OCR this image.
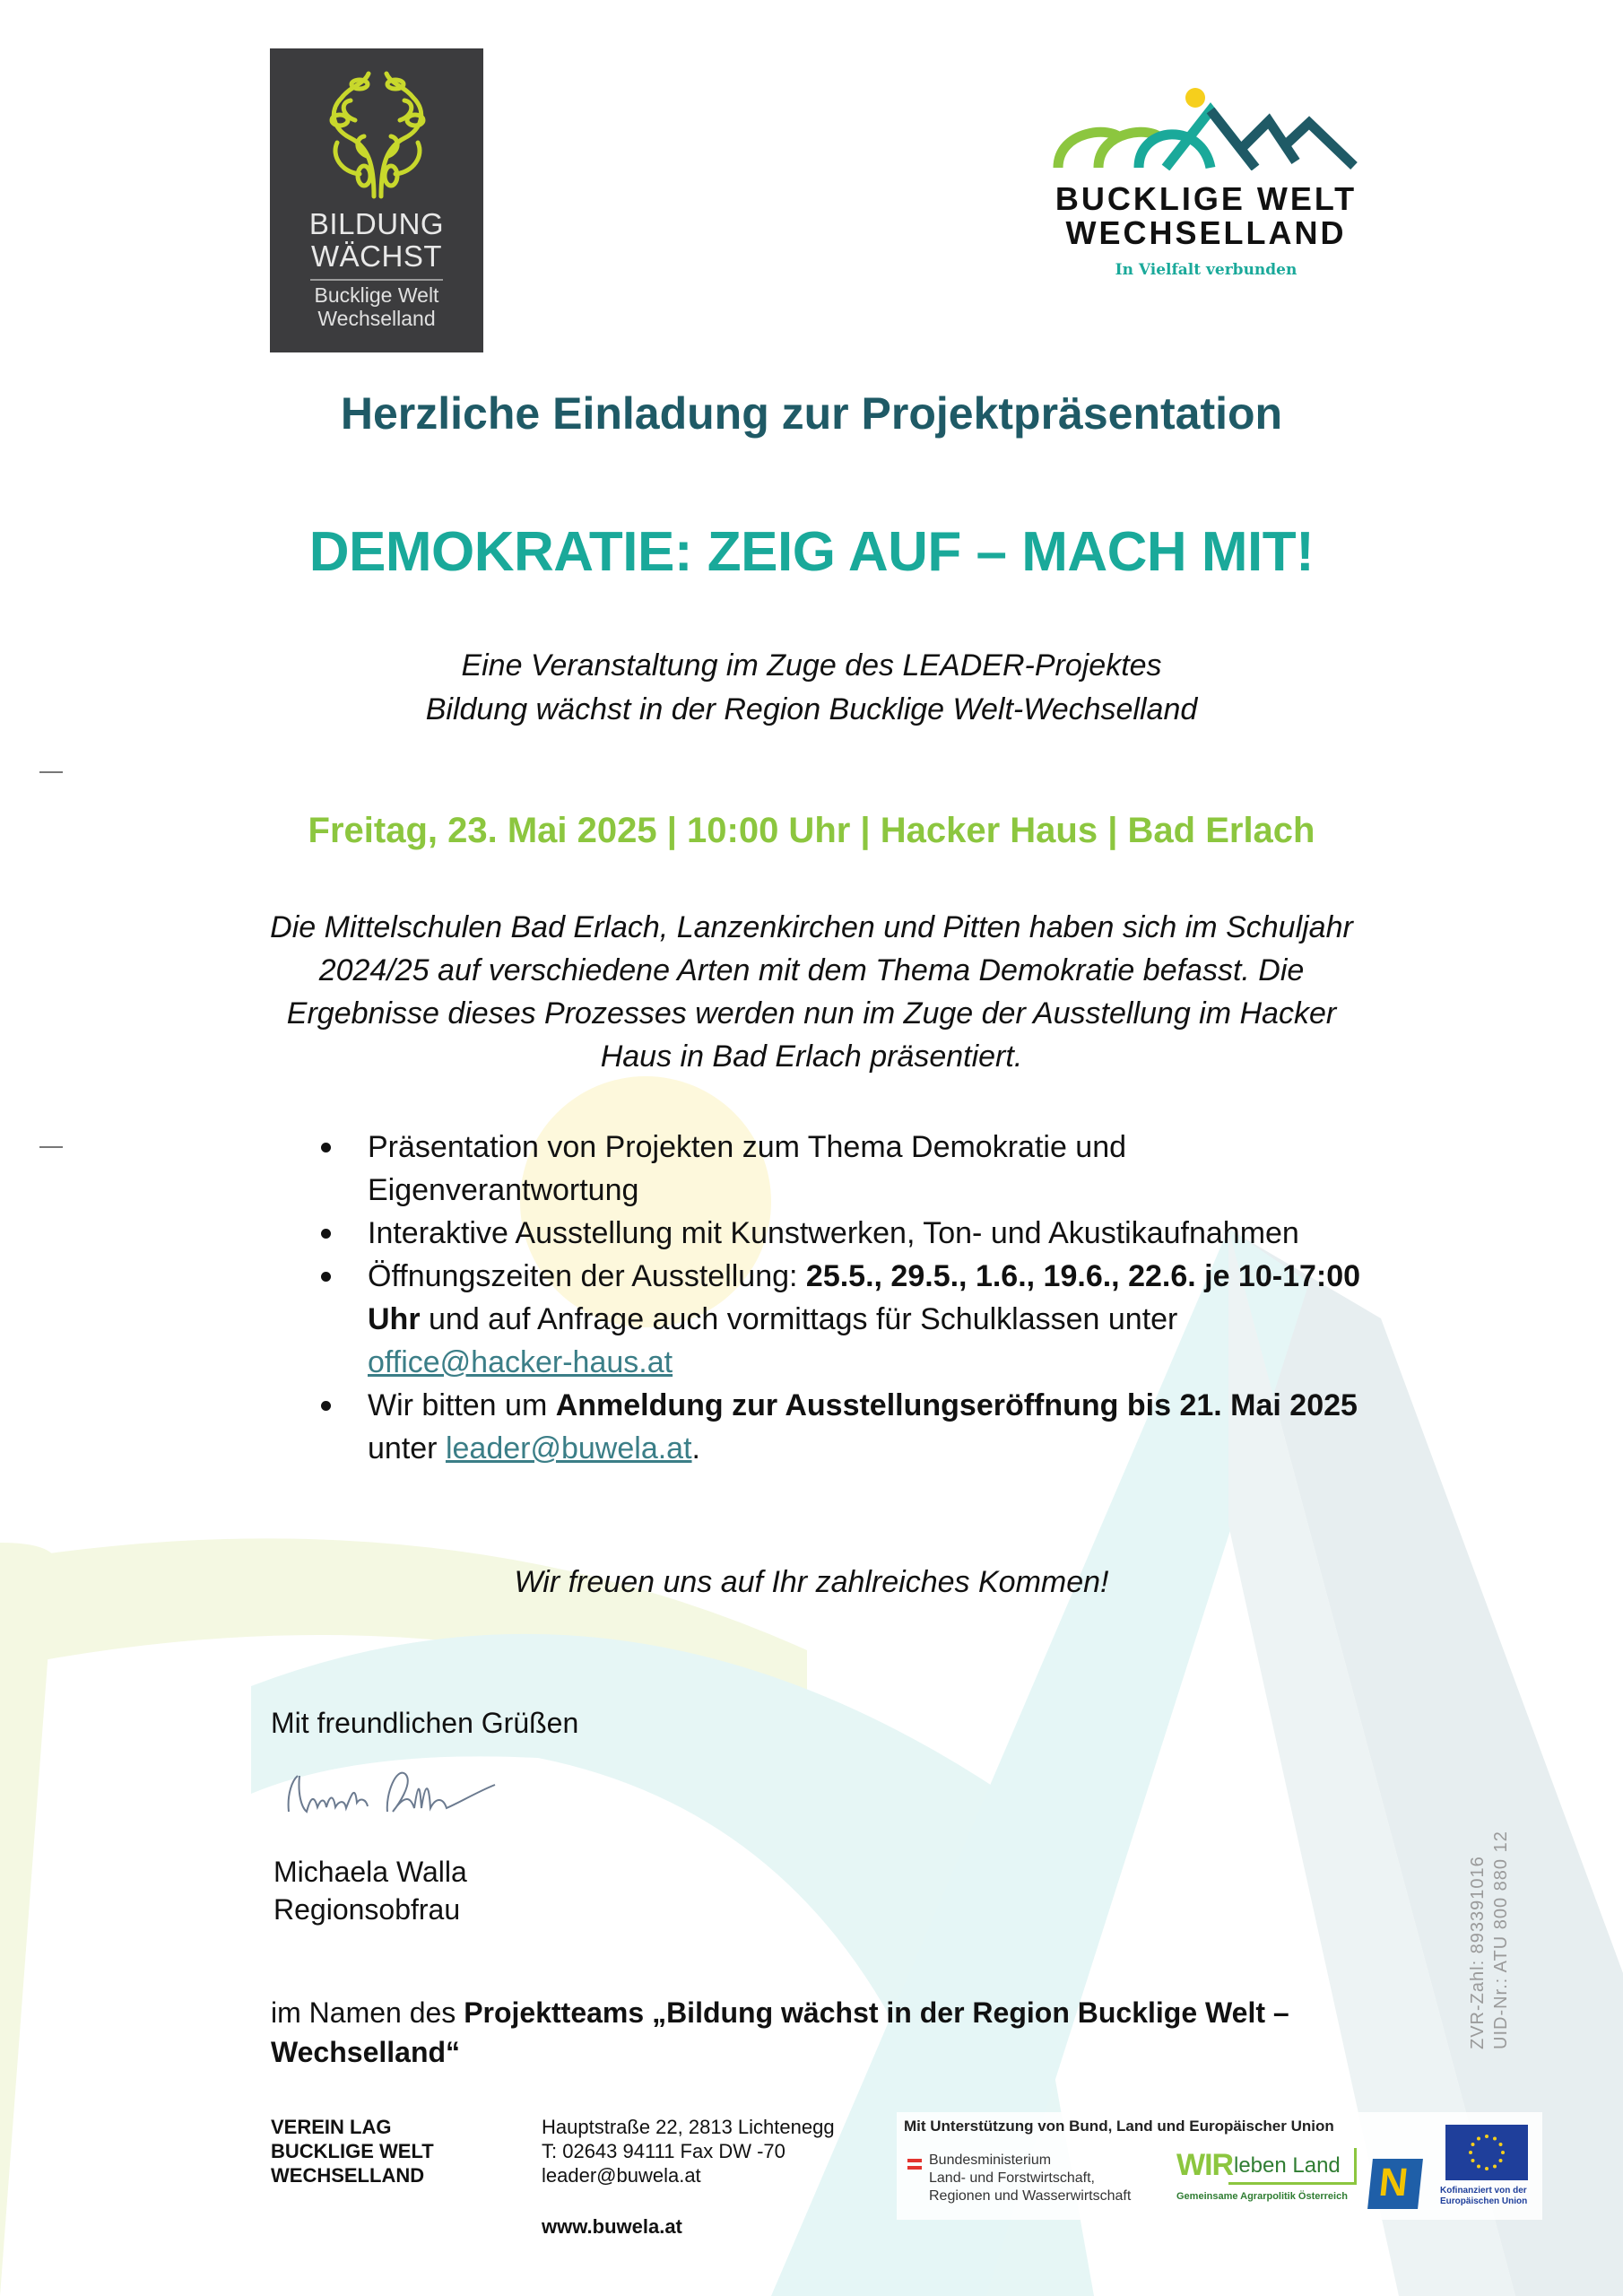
BILDUNG
WÄCHST
Bucklige Welt
Wechselland
BUCKLIGE WELT
WECHSELLAND
In Vielfalt verbunden
Herzliche Einladung zur Projektpräsentation
DEMOKRATIE: ZEIG AUF – MACH MIT!
Eine Veranstaltung im Zuge des LEADER-Projektes
Bildung wächst in der Region Bucklige Welt-Wechselland
Freitag, 23. Mai 2025 | 10:00 Uhr | Hacker Haus | Bad Erlach
Die Mittelschulen Bad Erlach, Lanzenkirchen und Pitten haben sich im Schuljahr 2024/25 auf verschiedene Arten mit dem Thema Demokratie befasst. Die Ergebnisse dieses Prozesses werden nun im Zuge der Ausstellung im Hacker Haus in Bad Erlach präsentiert.
Präsentation von Projekten zum Thema Demokratie und Eigenverantwortung
Interaktive Ausstellung mit Kunstwerken, Ton- und Akustikaufnahmen
Öffnungszeiten der Ausstellung: 25.5., 29.5., 1.6., 19.6., 22.6. je 10-17:00 Uhr und auf Anfrage auch vormittags für Schulklassen unter
office@hacker-haus.at
Wir bitten um Anmeldung zur Ausstellungseröffnung bis 21. Mai 2025 unter leader@buwela.at.
Wir freuen uns auf Ihr zahlreiches Kommen!
Mit freundlichen Grüßen
Michaela Walla
Regionsobfrau
im Namen des Projektteams „Bildung wächst in der Region Bucklige Welt – Wechselland“
ZVR-Zahl: 893391016 UID-Nr.: ATU 800 880 12
VEREIN LAG
BUCKLIGE WELT
WECHSELLAND
Hauptstraße 22, 2813 Lichtenegg
T: 02643 94111 Fax DW -70
leader@buwela.at
www.buwela.at
Mit Unterstützung von Bund, Land und Europäischer Union
Bundesministerium
Land- und Forstwirtschaft,
Regionen und Wasserwirtschaft
WIR leben Land
Gemeinsame Agrarpolitik Österreich N	Kofinanziert von der
Europäischen Union
